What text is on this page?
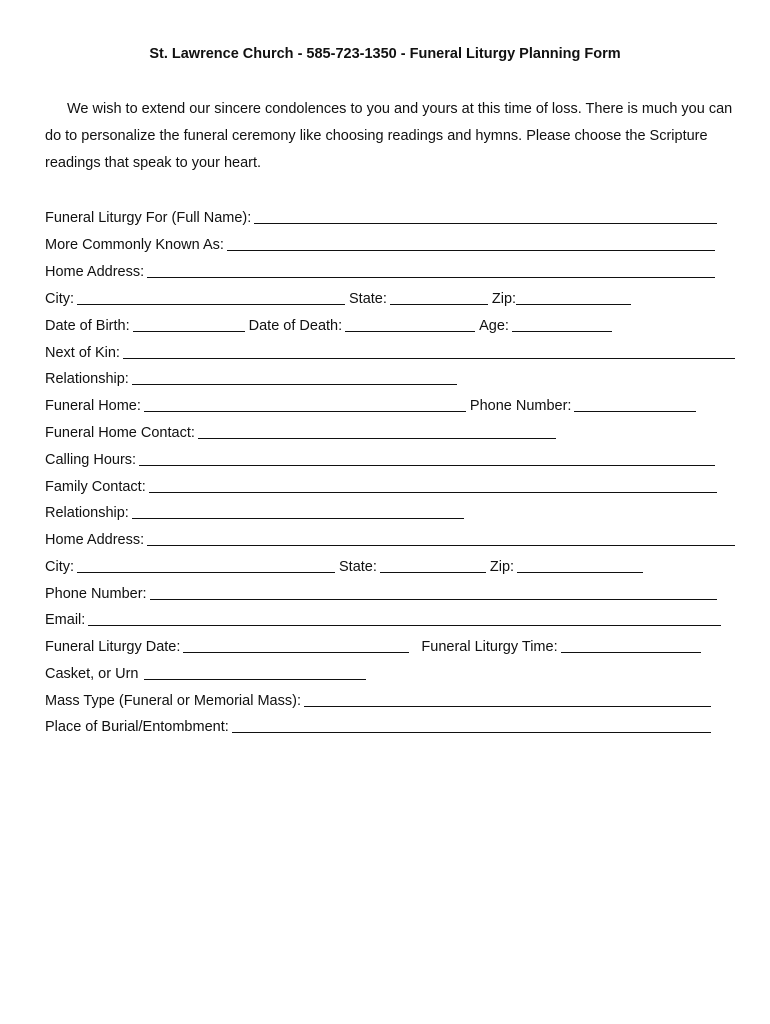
St. Lawrence Church - 585-723-1350 - Funeral Liturgy Planning Form

We wish to extend our sincere condolences to you and yours at this time of loss. There is much you can do to personalize the funeral ceremony like choosing readings and hymns. Please choose the Scripture readings that speak to your heart.

Funeral Liturgy For (Full Name):
More Commonly Known As:
Home Address:
City:	State:	Zip:
Date of Birth:	Date of Death:	Age:
Next of Kin:
Relationship:
Funeral Home:	Phone Number:
Funeral Home Contact:
Calling Hours:
Family Contact:
Relationship:
Home Address:
City:	State:	Zip:
Phone Number:
Email:
Funeral Liturgy Date:	Funeral Liturgy Time:
Casket, or Urn
Mass Type (Funeral or Memorial Mass):
Place of Burial/Entombment:
